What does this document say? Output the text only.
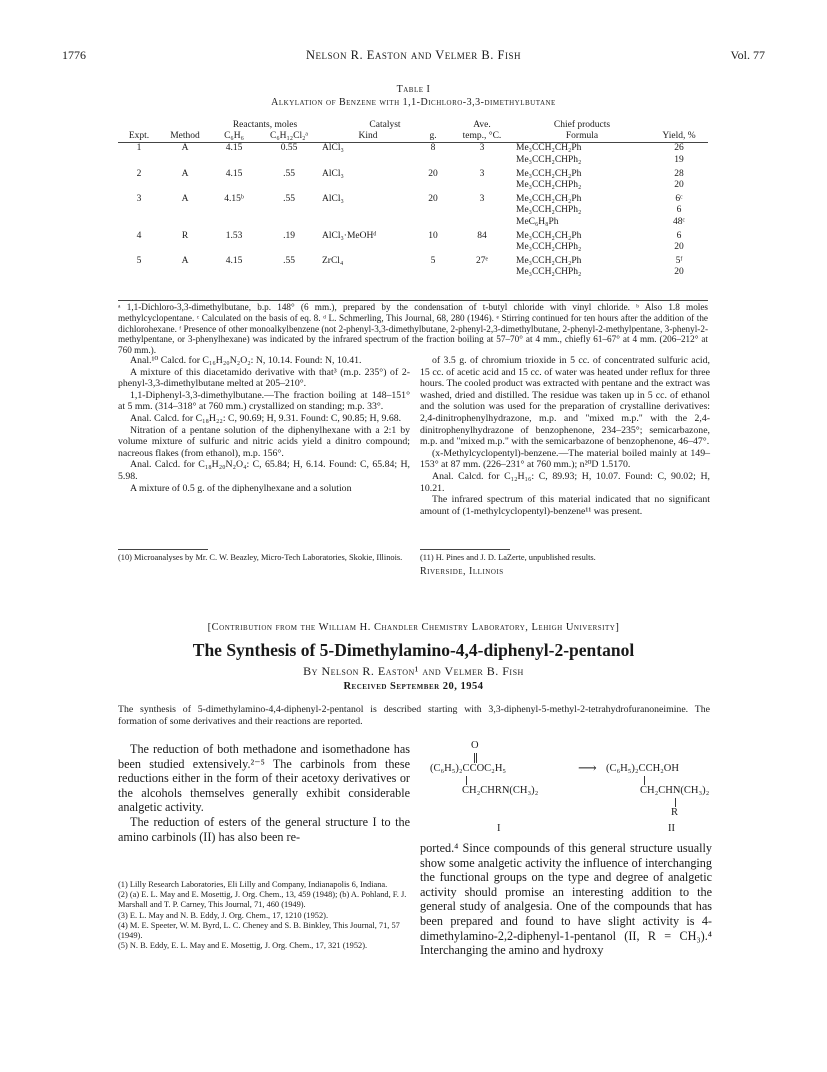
1776	Nelson R. Easton and Velmer B. Fish	Vol. 77
Table I
Alkylation of Benzene with 1,1-Dichloro-3,3-dimethylbutane
		Reactants, moles		Catalyst		Ave.	Chief products	
Expt.	Method	C₆H₆	C₆H₁₂Cl₂ᵃ	Kind	g.	temp., °C.	Formula	Yield, %
1	A	4.15	0.55	AlCl₃	8	3	Me₃CCH₂CH₂Ph	26
							Me₃CCH₂CHPh₂	19

2	A	4.15	.55	AlCl₃	20	3	Me₃CCH₂CH₂Ph	28
							Me₃CCH₂CHPh₂	20

3	A	4.15ᵇ	.55	AlCl₃	20	3	Me₃CCH₂CH₂Ph	6ᶜ
							Me₃CCH₂CHPh₂	6
							MeC₆H₈Ph	48ᶜ

4	R	1.53	.19	AlCl₃·MeOHᵈ	10	84	Me₃CCH₂CH₂Ph	6
							Me₃CCH₂CHPh₂	20

5	A	4.15	.55	ZrCl₄	5	27ᵉ	Me₃CCH₂CH₂Ph	5ᶠ
							Me₃CCH₂CHPh₂	20
ᵃ 1,1-Dichloro-3,3-dimethylbutane, b.p. 148° (6 mm.), prepared by the condensation of t-butyl chloride with vinyl chloride. ᵇ Also 1.8 moles methylcyclopentane. ᶜ Calculated on the basis of eq. 8. ᵈ L. Schmerling, This Journal, 68, 280 (1946). ᵉ Stirring continued for ten hours after the addition of the dichlorohexane. ᶠ Presence of other monoalkylbenzene (not 2-phenyl-3,3-dimethylbutane, 2-phenyl-2,3-dimethylbutane, 2-phenyl-2-methylpentane, 3-phenyl-2-methylpentane, or 3-phenylhexane) was indicated by the infrared spectrum of the fraction boiling at 57–70° at 4 mm., chiefly 61–67° at 4 mm. (206–212° at 760 mm.).

Anal.¹⁰ Calcd. for C₁₆H₂₀N₂O₂: N, 10.14. Found: N, 10.41.

A mixture of this diacetamido derivative with that³ (m.p. 235°) of 2-phenyl-3,3-dimethylbutane melted at 205–210°.

1,1-Diphenyl-3,3-dimethylbutane.—The fraction boiling at 148–151° at 5 mm. (314–318° at 760 mm.) crystallized on standing; m.p. 33°.

Anal. Calcd. for C₁₈H₂₂: C, 90.69; H, 9.31. Found: C, 90.85; H, 9.68.

Nitration of a pentane solution of the diphenylhexane with a 2:1 by volume mixture of sulfuric and nitric acids yield a dinitro compound; nacreous flakes (from ethanol), m.p. 156°.

Anal. Calcd. for C₁₈H₂₀N₂O₄: C, 65.84; H, 6.14. Found: C, 65.84; H, 5.98.

A mixture of 0.5 g. of the diphenylhexane and a solution

(10) Microanalyses by Mr. C. W. Beazley, Micro-Tech Laboratories, Skokie, Illinois.

of 3.5 g. of chromium trioxide in 5 cc. of concentrated sulfuric acid, 15 cc. of acetic acid and 15 cc. of water was heated under reflux for three hours. The cooled product was extracted with pentane and the extract was washed, dried and distilled. The residue was taken up in 5 cc. of ethanol and the solution was used for the preparation of crystalline derivatives: 2,4-dinitrophenylhydrazone, m.p. and "mixed m.p." with the 2,4-dinitrophenylhydrazone of benzophenone, 234–235°; semicarbazone, m.p. and "mixed m.p." with the semicarbazone of benzophenone, 46–47°.

(x-Methylcyclopentyl)-benzene.—The material boiled mainly at 149–153° at 87 mm. (226–231° at 760 mm.); n²⁰D 1.5170.

Anal. Calcd. for C₁₂H₁₆: C, 89.93; H, 10.07. Found: C, 90.02; H, 10.21.

The infrared spectrum of this material indicated that no significant amount of (1-methylcyclopentyl)-benzene¹¹ was present.

(11) H. Pines and J. D. LaZerte, unpublished results.
Riverside, Illinois
[Contribution from the William H. Chandler Chemistry Laboratory, Lehigh University]
The Synthesis of 5-Dimethylamino-4,4-diphenyl-2-pentanol
By Nelson R. Easton¹ and Velmer B. Fish
Received September 20, 1954
The synthesis of 5-dimethylamino-4,4-diphenyl-2-pentanol is described starting with 3,3-diphenyl-5-methyl-2-tetrahydrofuranoneimine. The formation of some derivatives and their reactions are reported.

The reduction of both methadone and isomethadone has been studied extensively.²⁻⁵ The carbinols from these reductions either in the form of their acetoxy derivatives or the alcohols themselves generally exhibit considerable analgetic activity.

The reduction of esters of the general structure I to the amino carbinols (II) has also been re-

(1) Lilly Research Laboratories, Eli Lilly and Company, Indianapolis 6, Indiana.

(2) (a) E. L. May and E. Mosettig, J. Org. Chem., 13, 459 (1948); (b) A. Pohland, F. J. Marshall and T. P. Carney, This Journal, 71, 460 (1949).

(3) E. L. May and N. B. Eddy, J. Org. Chem., 17, 1210 (1952).

(4) M. E. Speeter, W. M. Byrd, L. C. Cheney and S. B. Binkley, This Journal, 71, 57 (1949).

(5) N. B. Eddy, E. L. May and E. Mosettig, J. Org. Chem., 17, 321 (1952).

O
(C₆H₅)₂CCOC₂H₅
CH₂CHRN(CH₃)₂
⟶ (C₆H₅)₂CCH₂OH
CH₂CHN(CH₃)₂
R
I	II
ported.⁴ Since compounds of this general structure usually show some analgetic activity the influence of interchanging the functional groups on the type and degree of analgetic activity should promise an interesting addition to the general study of analgesia. One of the compounds that has been prepared and found to have slight activity is 4-dimethylamino-2,2-diphenyl-1-pentanol (II, R = CH₃).⁴ Interchanging the amino and hydroxy
